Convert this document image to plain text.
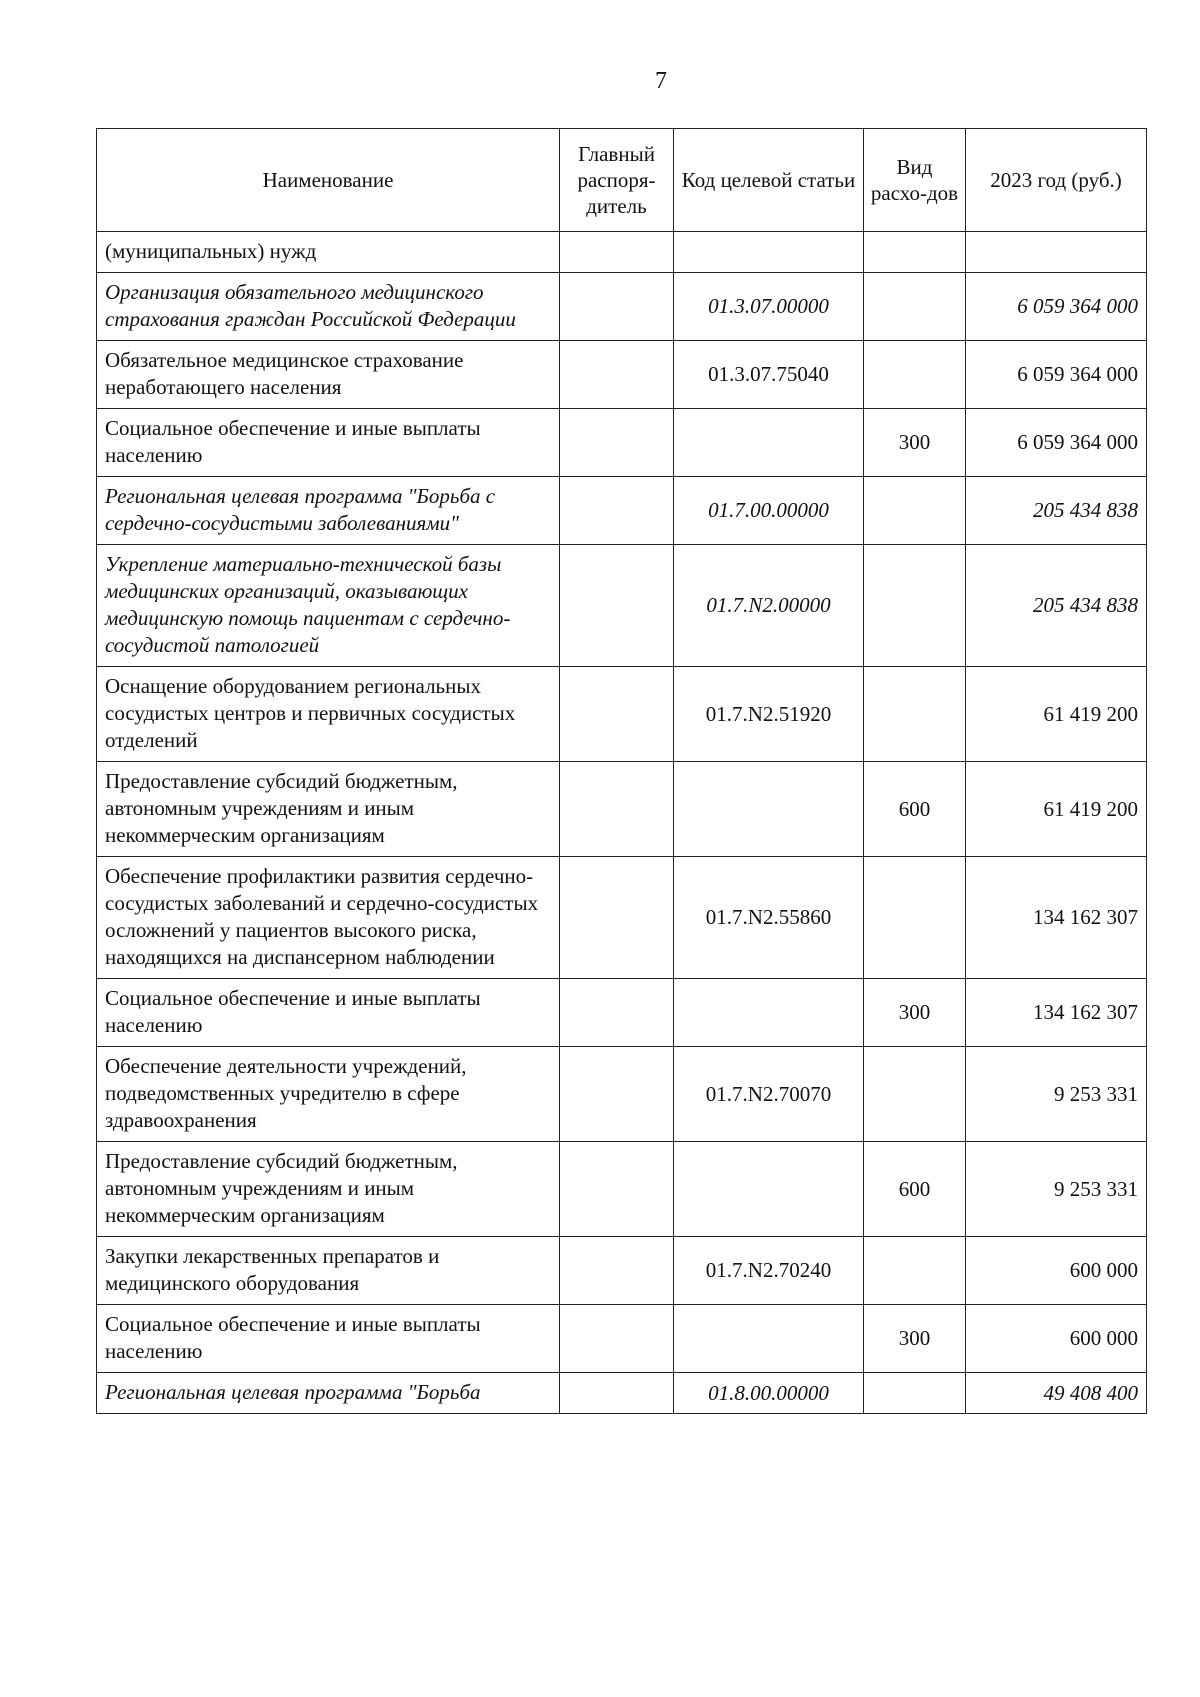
7
Наименование	Главный распоря-дитель	Код целевой статьи	Вид расхо-дов	2023 год (руб.)
(муниципальных) нужд				
Организация обязательного медицинского страхования граждан Российской Федерации		01.3.07.00000		6 059 364 000
Обязательное медицинское страхование неработающего населения		01.3.07.75040		6 059 364 000
Социальное обеспечение и иные выплаты населению			300	6 059 364 000
Региональная целевая программа "Борьба с сердечно-сосудистыми заболеваниями"		01.7.00.00000		205 434 838
Укрепление материально-технической базы медицинских организаций, оказывающих медицинскую помощь пациентам с сердечно-сосудистой патологией		01.7.N2.00000		205 434 838
Оснащение оборудованием региональных сосудистых центров и первичных сосудистых отделений		01.7.N2.51920		61 419 200
Предоставление субсидий бюджетным, автономным учреждениям и иным некоммерческим организациям			600	61 419 200
Обеспечение профилактики развития сердечно-сосудистых заболеваний и сердечно-сосудистых осложнений у пациентов высокого риска, находящихся на диспансерном наблюдении		01.7.N2.55860		134 162 307
Социальное обеспечение и иные выплаты населению			300	134 162 307
Обеспечение деятельности учреждений, подведомственных учредителю в сфере здравоохранения		01.7.N2.70070		9 253 331
Предоставление субсидий бюджетным, автономным учреждениям и иным некоммерческим организациям			600	9 253 331
Закупки лекарственных препаратов и медицинского оборудования		01.7.N2.70240		600 000
Социальное обеспечение и иные выплаты населению			300	600 000
Региональная целевая программа "Борьба		01.8.00.00000		49 408 400
